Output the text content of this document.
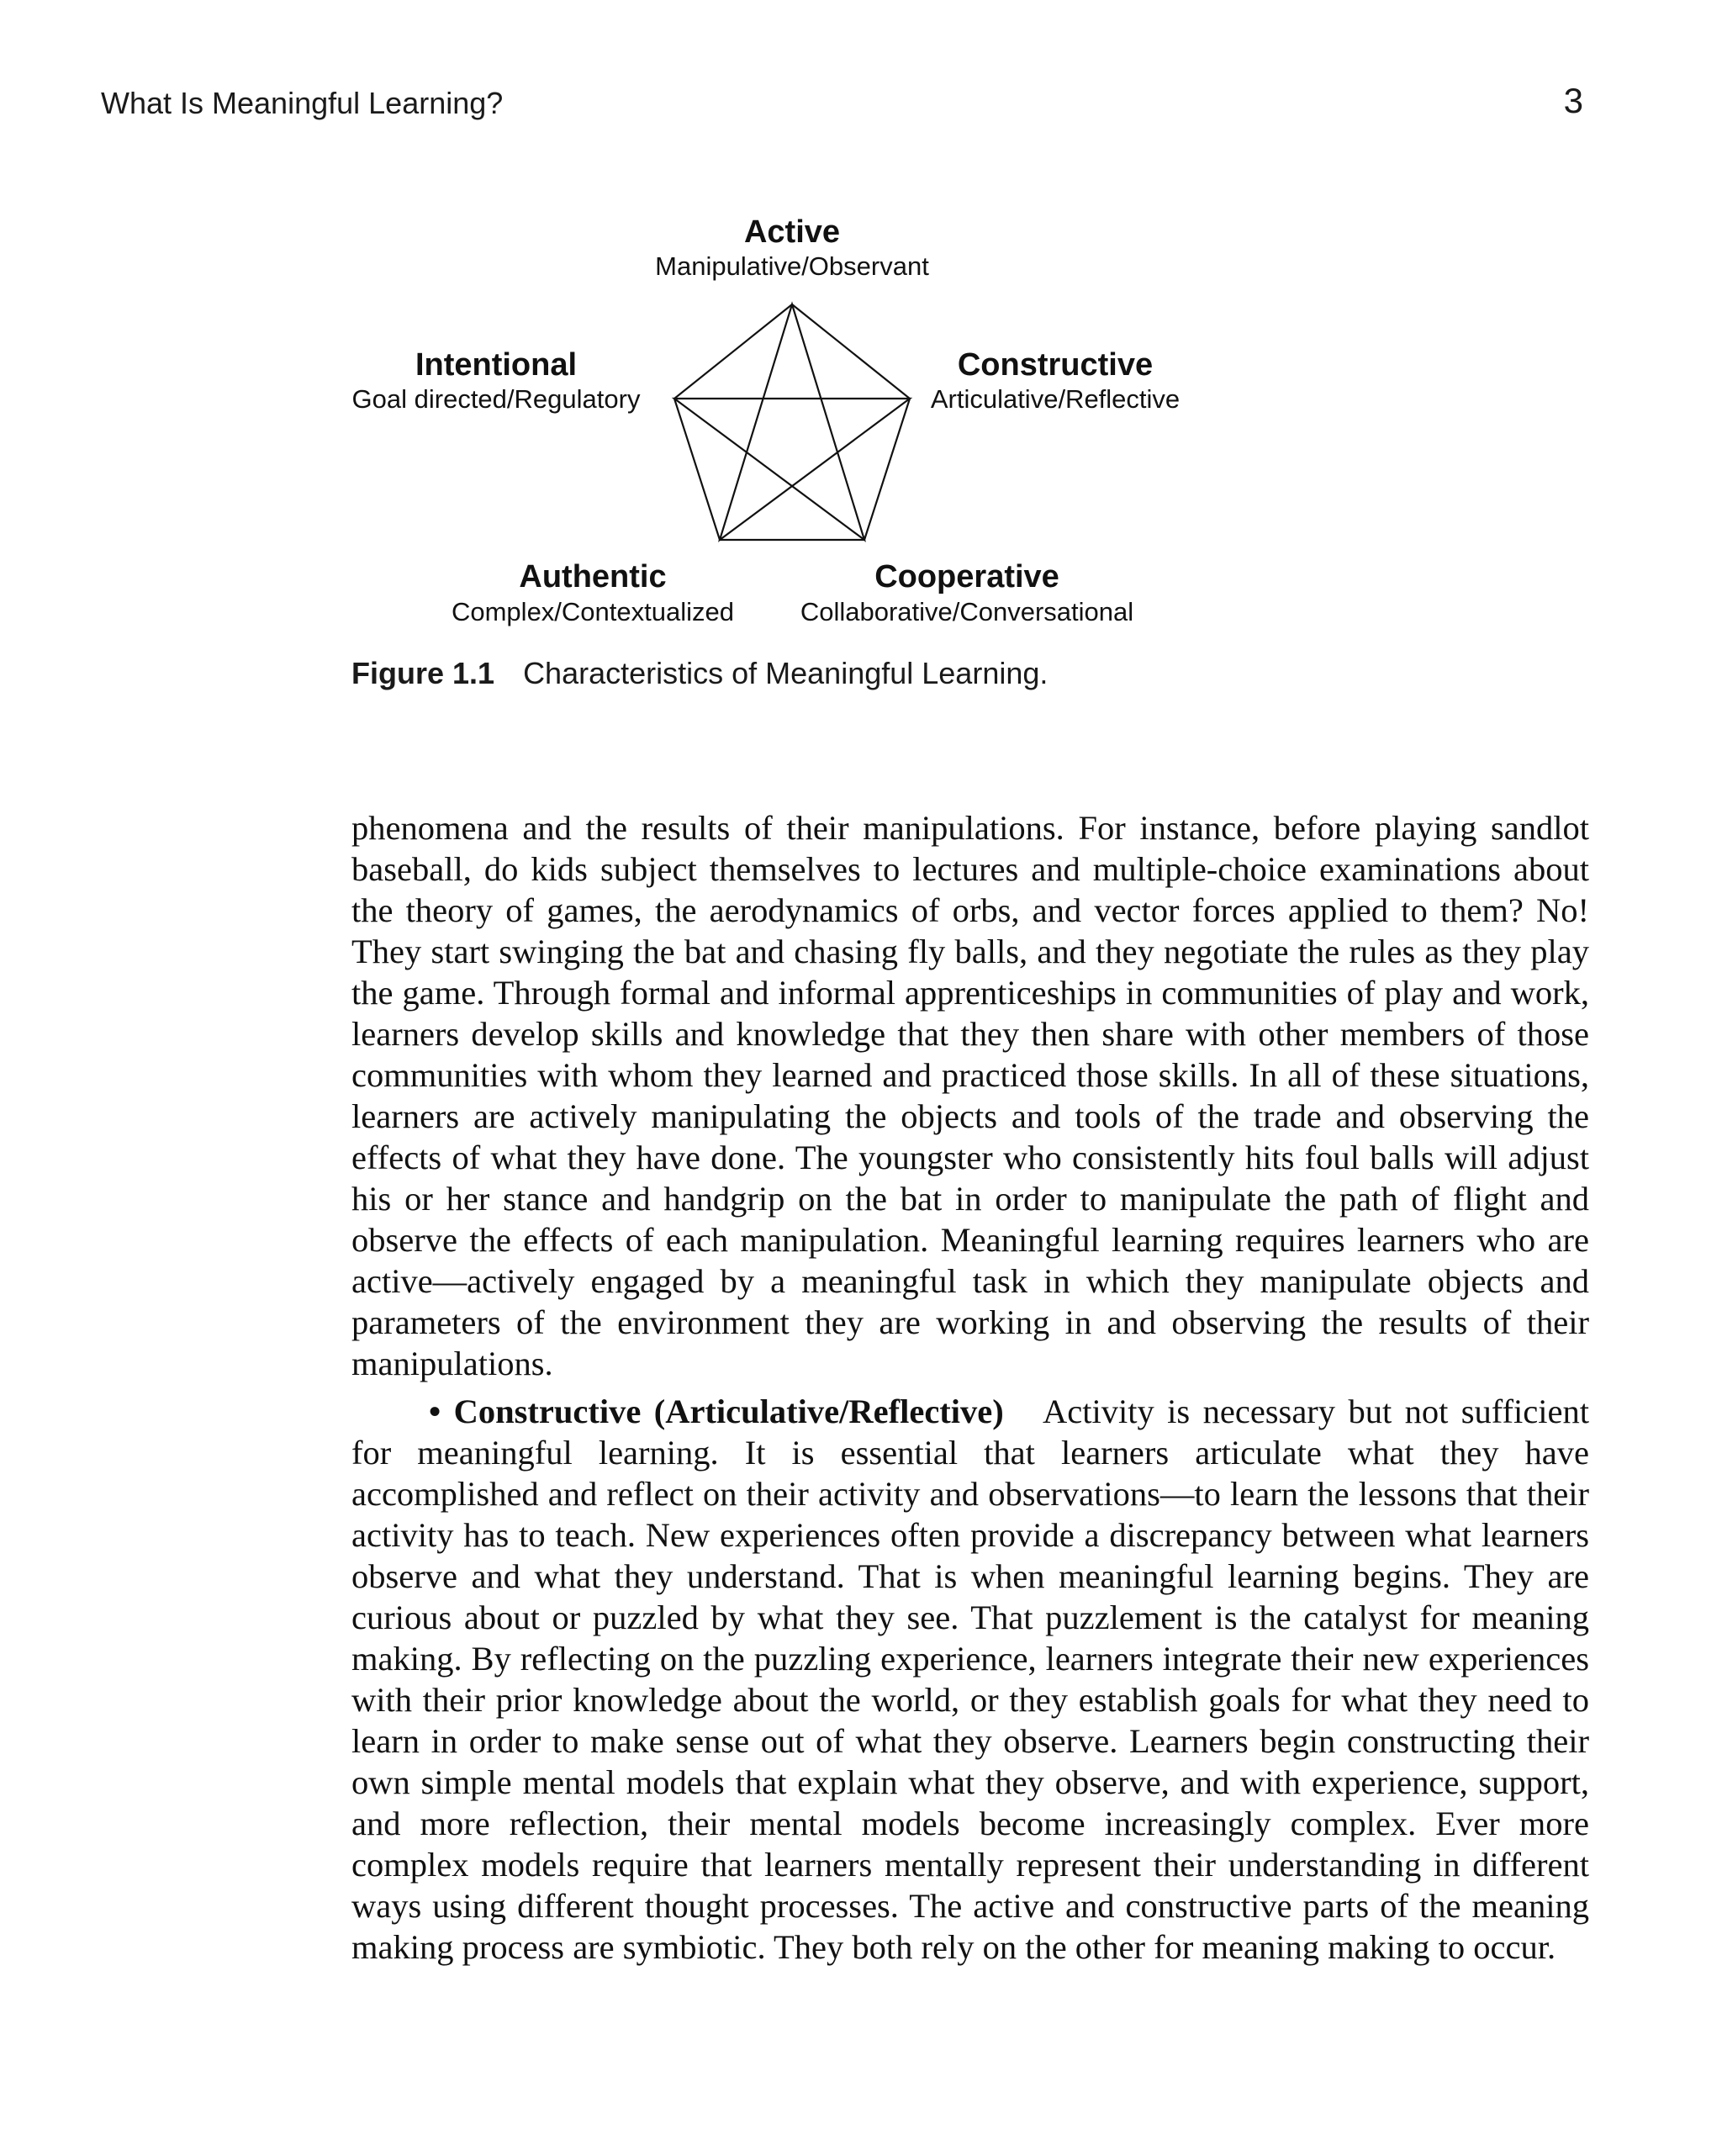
What Is Meaningful Learning?	3
Active
Manipulative/Observant
Intentional
Goal directed/Regulatory
Constructive
Articulative/Reflective
Authentic
Complex/Contextualized
Cooperative
Collaborative/Conversational
Figure 1.1 Characteristics of Meaningful Learning.

phenomena and the results of their manipulations. For instance, before playing sandlot baseball, do kids subject themselves to lectures and multiple-choice examinations about the theory of games, the aerodynamics of orbs, and vector forces applied to them? No! They start swinging the bat and chasing fly balls, and they negotiate the rules as they play the game. Through formal and informal apprenticeships in communities of play and work, learners develop skills and knowledge that they then share with other members of those communities with whom they learned and practiced those skills. In all of these situations, learners are actively manipulating the objects and tools of the trade and observing the effects of what they have done. The youngster who consistently hits foul balls will adjust his or her stance and handgrip on the bat in order to manipulate the path of flight and observe the effects of each manipulation. Meaningful learning requires learners who are active—actively engaged by a meaningful task in which they manipulate objects and parameters of the environment they are working in and observing the results of their manipulations.

• Constructive (Articulative/Reflective) Activity is necessary but not sufficient for meaningful learning. It is essential that learners articulate what they have accomplished and reflect on their activity and observations—to learn the lessons that their activity has to teach. New experiences often provide a discrepancy between what learners observe and what they understand. That is when meaningful learning begins. They are curious about or puzzled by what they see. That puzzlement is the catalyst for meaning making. By reflecting on the puzzling experience, learners integrate their new experiences with their prior knowledge about the world, or they establish goals for what they need to learn in order to make sense out of what they observe. Learners begin constructing their own simple mental models that explain what they observe, and with experience, support, and more reflection, their mental models become increasingly complex. Ever more complex models require that learners mentally represent their understanding in different ways using different thought processes. The active and constructive parts of the meaning making process are symbiotic. They both rely on the other for meaning making to occur.
